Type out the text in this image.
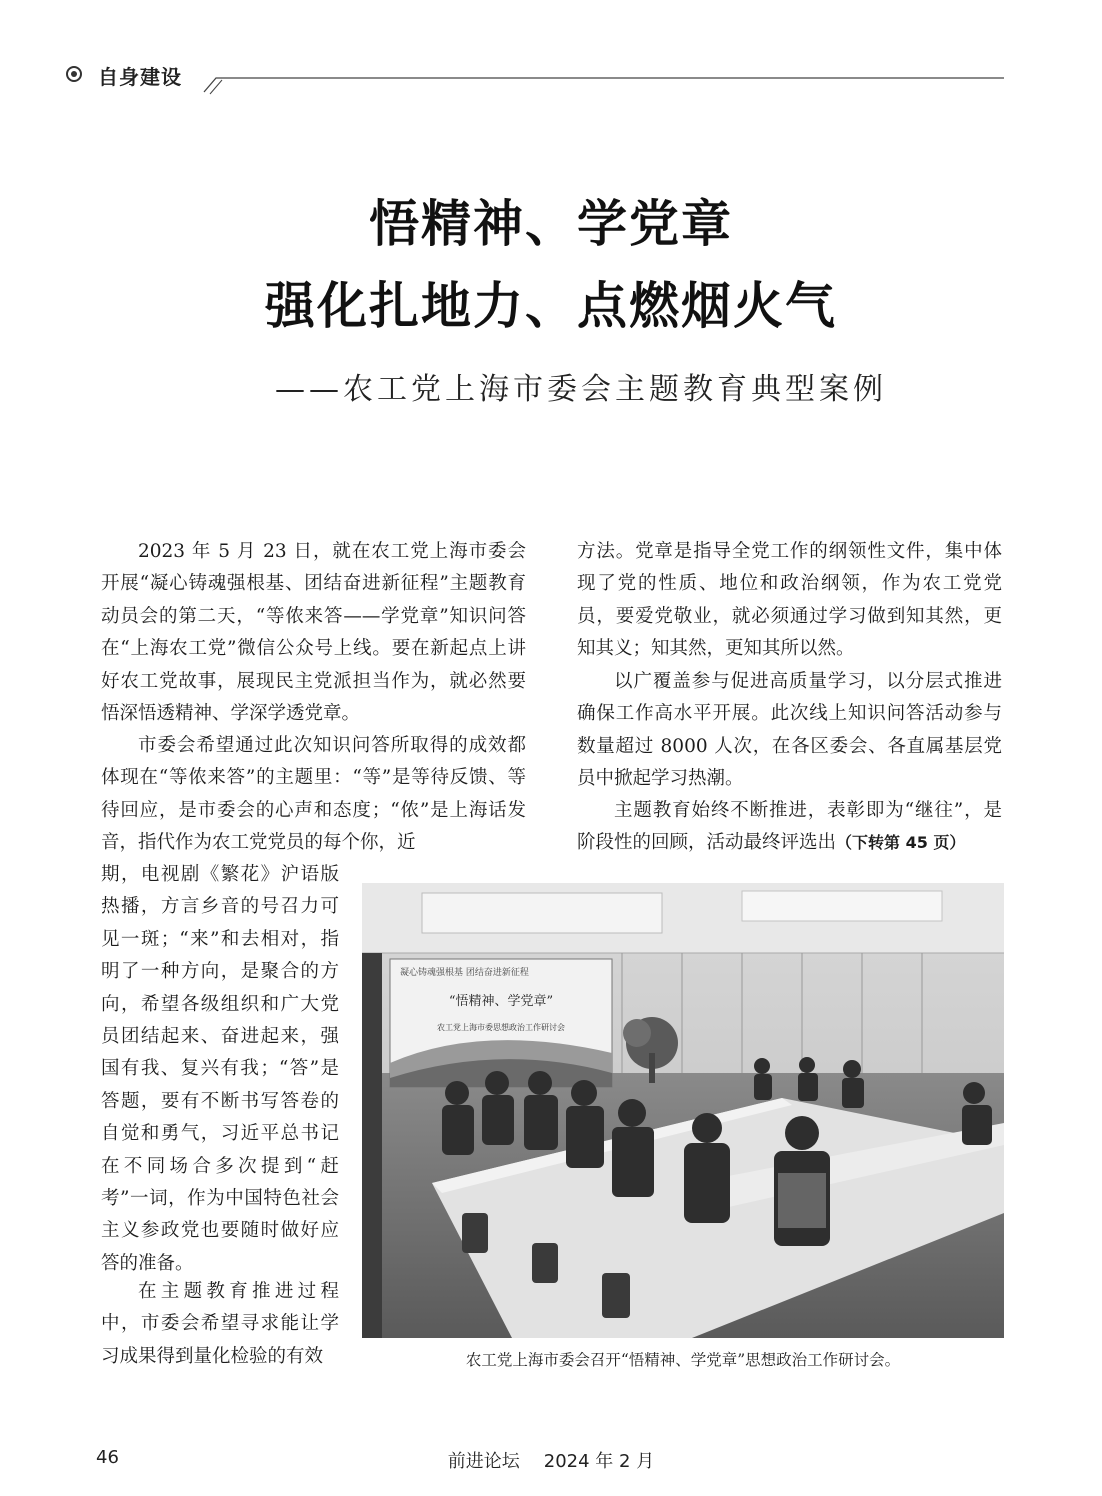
自身建设
悟精神、学党章
强化扎地力、点燃烟火气
——农工党上海市委会主题教育典型案例

2023 年 5 月 23 日，就在农工党上海市委会开展“凝心铸魂强根基、团结奋进新征程”主题教育动员会的第二天，“等侬来答——学党章”知识问答在“上海农工党”微信公众号上线。要在新起点上讲好农工党故事，展现民主党派担当作为，就必然要悟深悟透精神、学深学透党章。

市委会希望通过此次知识问答所取得的成效都体现在“等侬来答”的主题里：“等”是等待反馈、等待回应，是市委会的心声和态度；“侬”是上海话发音，指代作为农工党党员的每个你，近

期，电视剧《繁花》沪语版热播，方言乡音的号召力可见一斑；“来”和去相对，指明了一种方向，是聚合的方向，希望各级组织和广大党员团结起来、奋进起来，强国有我、复兴有我；“答”是答题，要有不断书写答卷的自觉和勇气，习近平总书记在不同场合多次提到“赶考”一词，作为中国特色社会主义参政党也要随时做好应答的准备。

在主题教育推进过程中，市委会希望寻求能让学习成果得到量化检验的有效

方法。党章是指导全党工作的纲领性文件，集中体现了党的性质、地位和政治纲领，作为农工党党员，要爱党敬业，就必须通过学习做到知其然，更知其义；知其然，更知其所以然。

以广覆盖参与促进高质量学习，以分层式推进确保工作高水平开展。此次线上知识问答活动参与数量超过 8000 人次，在各区委会、各直属基层党员中掀起学习热潮。

主题教育始终不断推进，表彰即为“继往”，是阶段性的回顾，活动最终评选出（下转第 45 页）

凝心铸魂强根基 团结奋进新征程
“悟精神、学党章”
农工党上海市委思想政治工作研讨会
农工党上海市委会召开“悟精神、学党章”思想政治工作研讨会。
46	前进论坛 2024 年 2 月
